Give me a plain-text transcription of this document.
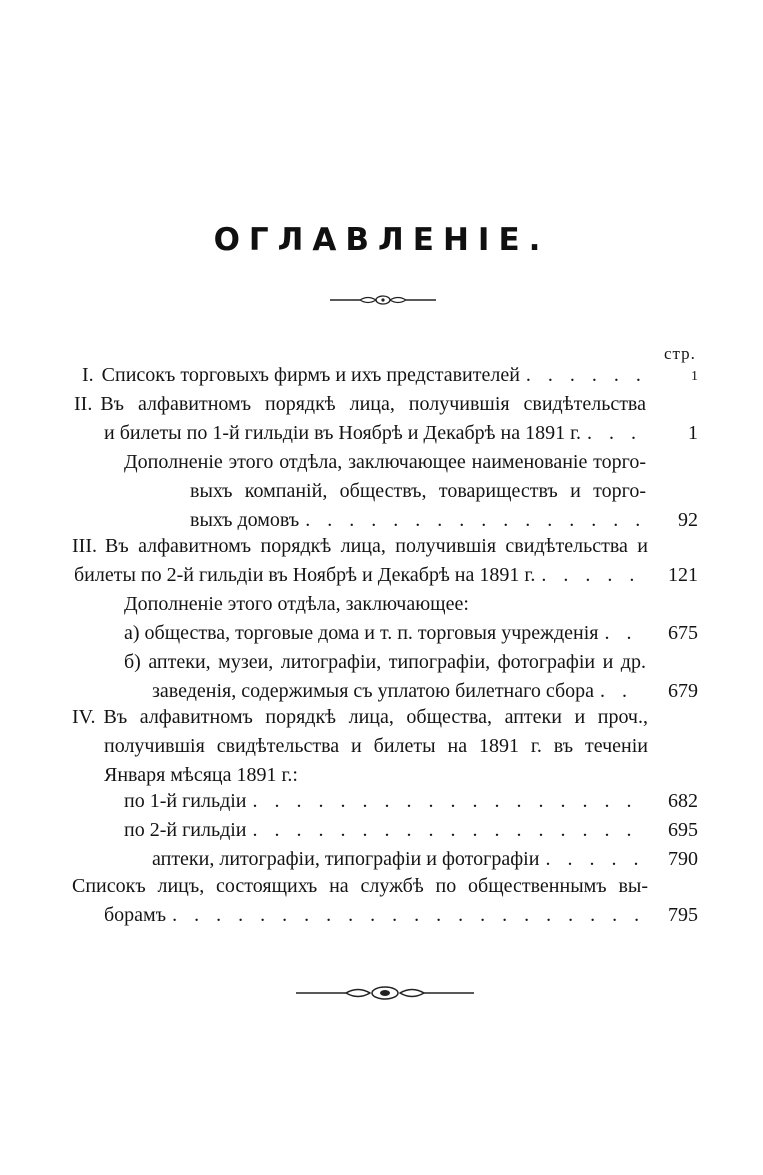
ОГЛАВЛЕНІЕ.
стр.
I. Списокъ торговыхъ фирмъ и ихъ представителей . . .	1
II. Въ алфавитномъ порядкѣ лица, получившія свидѣтельства
и билеты по 1-й гильдіи въ Ноябрѣ и Декабрѣ на 1891 г. . . .	1
Дополненіе этого отдѣла, заключающее наименованіе торго-
выхъ компаній, обществъ, товариществъ и торго-
выхъ домовъ . . .	92
III. Въ алфавитномъ порядкѣ лица, получившія свидѣтельства и
билеты по 2-й гильдіи въ Ноябрѣ и Декабрѣ на 1891 г. . . .	121
Дополненіе этого отдѣла, заключающее:
а) общества, торговые дома и т. п. торговыя учрежденія . . .	675
б) аптеки, музеи, литографіи, типографіи, фотографіи и др.
заведенія, содержимыя съ уплатою билетнаго сбора . . .	679
IV. Въ алфавитномъ порядкѣ лица, общества, аптеки и проч.,
получившія свидѣтельства и билеты на 1891 г. въ теченіи
Января мѣсяца 1891 г.:
по 1-й гильдіи . . .	682
по 2-й гильдіи . . .	695
аптеки, литографіи, типографіи и фотографіи . . .	790
Списокъ лицъ, состоящихъ на службѣ по общественнымъ вы-
борамъ . . .	795
